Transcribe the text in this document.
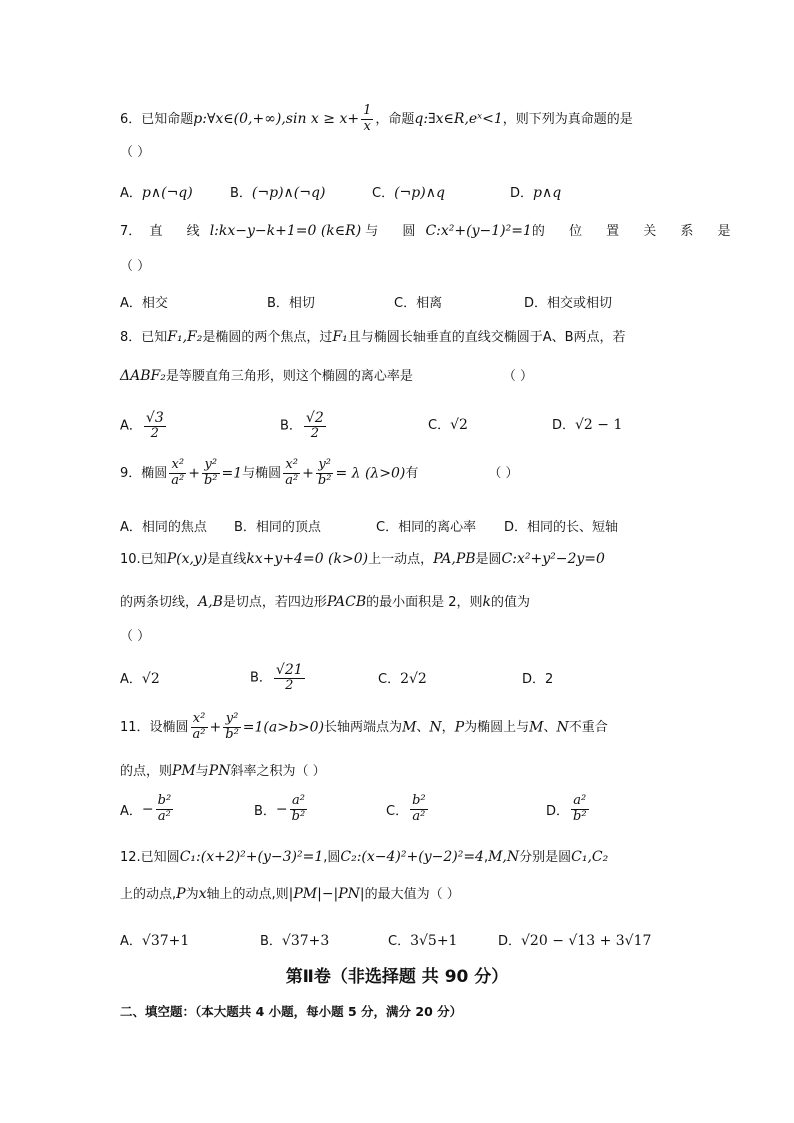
6．已知命题p:∀x∈(0,+∞),sin $x \ge x+ \frac{1}{x}$ ，命题q:∃x∈R,eˣ<1，则下列为真命题的是
（ ）
A．p∧(¬q)	B．(¬p)∧(¬q)	C．(¬p)∧q	D．p∧q
7． 直 线l:kx−y−k+1=0 (k∈R) 与 圆C:x²+(y−1)²=1的 位 置 关 系 是
（ ）
A．相交	B．相切	C．相离	D．相交或相切
8．已知F₁,F₂是椭圆的两个焦点，过F₁且与椭圆长轴垂直的直线交椭圆于A、B两点，若
ΔABF₂是等腰直角三角形，则这个椭圆的离心率是	（ ）
A． $\frac{√3}{2}$	B． $\frac{√2}{2}$	C．√2	D．√2 − 1
9．椭圆 $\frac{\text{x²}}{\text{a²}} + \frac{\text{y²}}{\text{b²}} =1$与椭圆 $\frac{\text{x²}}{\text{a²}} + \frac{\text{y²}}{\text{b²}} = \lambda$ (λ>0)有	（ ）
A．相同的焦点 B．相同的顶点	C．相同的离心率 D．相同的长、短轴
10.已知P(x,y)是直线kx+y+4=0 (k>0)上一动点，PA,PB是圆C:x²+y²−2y=0
的两条切线，A,B是切点，若四边形PACB的最小面积是 2，则k的值为
（ ）
A．√2	B． $\frac{√21}{2}$	C．2√2	D．2
11．设椭圆 $\frac{\text{x²}}{\text{a²}} + \frac{\text{y²}}{\text{b²}} =1(a>b>0)$长轴两端点为M、N，P为椭圆上与M、N不重合
的点，则PM与PN斜率之积为（ ）
A．− $\frac{\text{b²}}{\text{a²}}$	B．− $\frac{\text{a²}}{\text{b²}}$	C． $\frac{\text{b²}}{\text{a²}}$	D． $\frac{\text{a²}}{\text{b²}}$
12.已知圆C₁:(x+2)²+(y−3)²=1,圆C₂:(x−4)²+(y−2)²=4,M,N分别是圆C₁,C₂
上的动点,P为x轴上的动点,则|PM|−|PN|的最大值为（ ）
A．√37+1	B．√37+3	C．3√5+1	D．√20 − √13 + 3√17
第Ⅱ卷（非选择题 共 90 分）
二、填空题：（本大题共 4 小题，每小题 5 分，满分 20 分）
